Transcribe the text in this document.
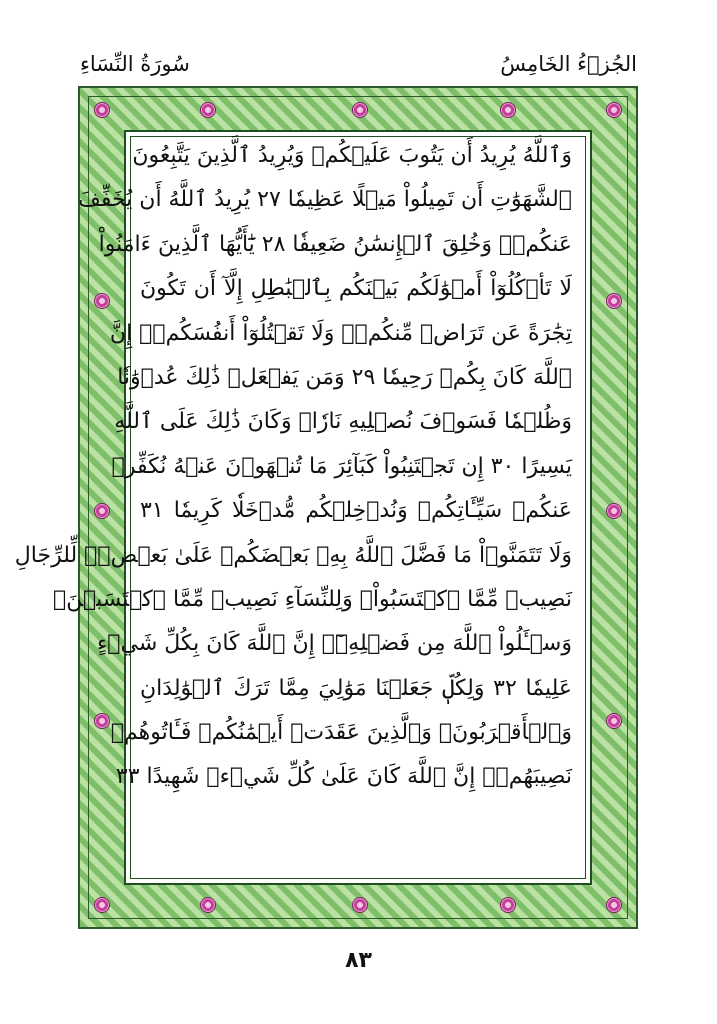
الجُزۡءُ الخَامِسُ
سُورَةُ النِّسَاءِ
وَٱللَّهُ يُرِيدُ أَن يَتُوبَ عَلَيۡكُمۡ وَيُرِيدُ ٱلَّذِينَ يَتَّبِعُونَ
ٱلشَّهَوَٰتِ أَن تَمِيلُواْ مَيۡلًا عَظِيمٗا ٢٧ يُرِيدُ ٱللَّهُ أَن يُخَفِّفَ
عَنكُمۡۚ وَخُلِقَ ٱلۡإِنسَٰنُ ضَعِيفٗا ٢٨ يَٰٓأَيُّهَا ٱلَّذِينَ ءَامَنُواْ
لَا تَأۡكُلُوٓاْ أَمۡوَٰلَكُم بَيۡنَكُم بِٱلۡبَٰطِلِ إِلَّآ أَن تَكُونَ
تِجَٰرَةً عَن تَرَاضٖ مِّنكُمۡۚ وَلَا تَقۡتُلُوٓاْ أَنفُسَكُمۡۚ إِنَّ
ٱللَّهَ كَانَ بِكُمۡ رَحِيمٗا ٢٩ وَمَن يَفۡعَلۡ ذَٰلِكَ عُدۡوَٰنٗا
وَظُلۡمٗا فَسَوۡفَ نُصۡلِيهِ نَارٗاۚ وَكَانَ ذَٰلِكَ عَلَى ٱللَّهِ
يَسِيرًا ٣٠ إِن تَجۡتَنِبُواْ كَبَآئِرَ مَا تُنۡهَوۡنَ عَنۡهُ نُكَفِّرۡ
عَنكُمۡ سَيِّـَٔاتِكُمۡ وَنُدۡخِلۡكُم مُّدۡخَلٗا كَرِيمٗا ٣١
وَلَا تَتَمَنَّوۡاْ مَا فَضَّلَ ٱللَّهُ بِهِۦ بَعۡضَكُمۡ عَلَىٰ بَعۡضٖۚ لِّلرِّجَالِ
نَصِيبٞ مِّمَّا ٱكۡتَسَبُواْۖ وَلِلنِّسَآءِ نَصِيبٞ مِّمَّا ٱكۡتَسَبۡنَۚ
وَسۡـَٔلُواْ ٱللَّهَ مِن فَضۡلِهِۦٓۚ إِنَّ ٱللَّهَ كَانَ بِكُلِّ شَيۡءٍ
عَلِيمٗا ٣٢ وَلِكُلّٖ جَعَلۡنَا مَوَٰلِيَ مِمَّا تَرَكَ ٱلۡوَٰلِدَانِ
وَٱلۡأَقۡرَبُونَۚ وَٱلَّذِينَ عَقَدَتۡ أَيۡمَٰنُكُمۡ فَـَٔاتُوهُمۡ
نَصِيبَهُمۡۚ إِنَّ ٱللَّهَ كَانَ عَلَىٰ كُلِّ شَيۡءٖ شَهِيدًا ٣٣
٨٣
